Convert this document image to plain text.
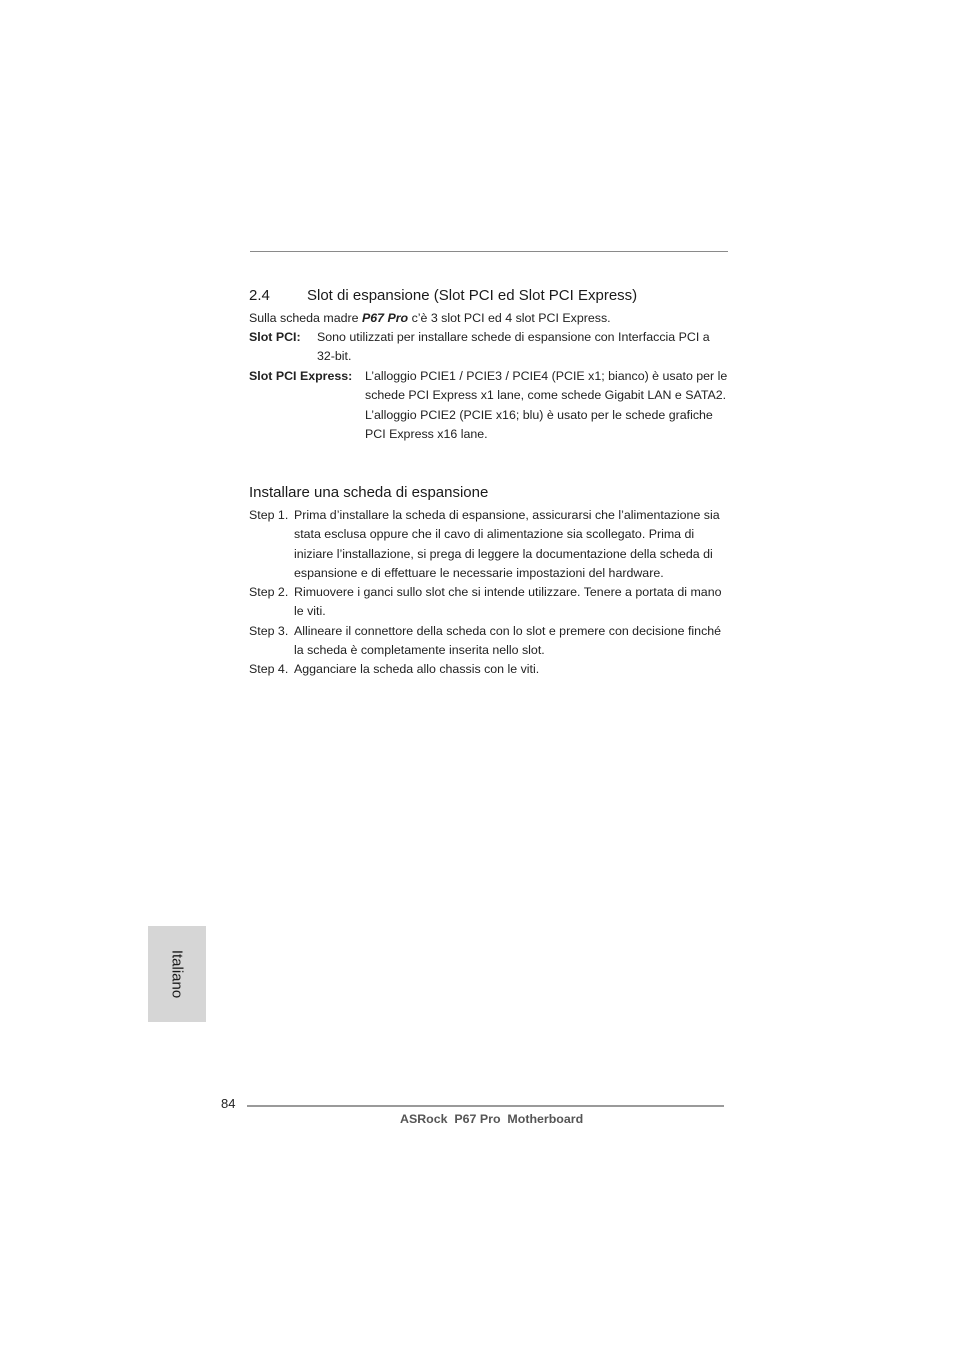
2.4 Slot di espansione (Slot PCI ed Slot PCI Express)
Sulla scheda madre P67 Pro c’è 3 slot PCI ed 4 slot PCI Express.
Slot PCI: Sono utilizzati per installare schede di espansione con Interfaccia PCI a 32-bit.
Slot PCI Express: L’alloggio PCIE1 / PCIE3 / PCIE4 (PCIE x1; bianco) è usato per le schede PCI Express x1 lane, come schede Gigabit LAN e SATA2.
L’alloggio PCIE2 (PCIE x16; blu) è usato per le schede grafiche PCI Express x16 lane.
Installare una scheda di espansione
Step 1. Prima d’installare la scheda di espansione, assicurarsi che l’alimentazione sia stata esclusa oppure che il cavo di alimentazione sia scollegato. Prima di iniziare l’installazione, si prega di leggere la documentazione della scheda di espansione e di effettuare le necessarie impostazioni del hardware.
Step 2. Rimuovere i ganci sullo slot che si intende utilizzare. Tenere a portata di mano le viti.
Step 3. Allineare il connettore della scheda con lo slot e premere con decisione finché la scheda è completamente inserita nello slot.
Step 4. Agganciare la scheda allo chassis con le viti.
Italiano
84
ASRock  P67 Pro  Motherboard
